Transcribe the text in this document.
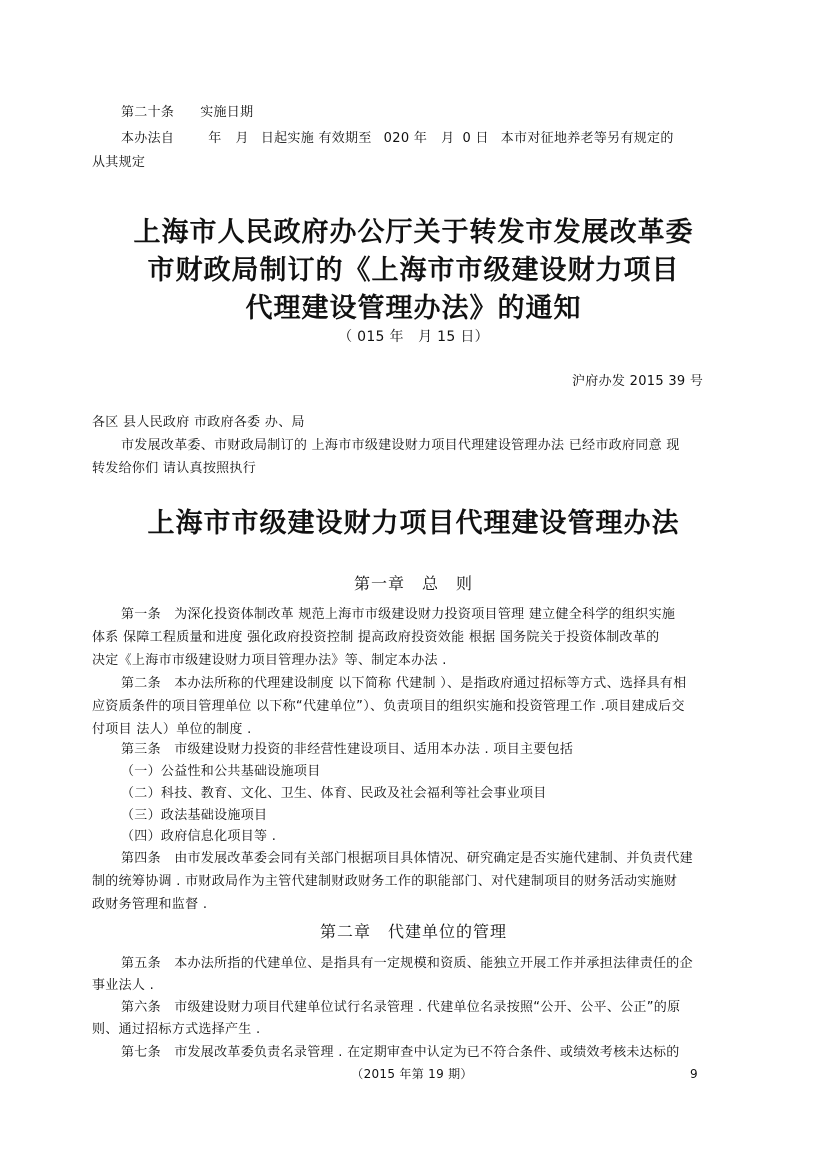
第二十条 实施日期
本办法自	年 月 日起实施 有效期至 020 年 月 0 日 本市对征地养老等另有规定的
从其规定
上海市人民政府办公厅关于转发市发展改革委
市财政局制订的《上海市市级建设财力项目
代理建设管理办法》的通知
（ 015 年　月 15 日）
沪府办发 2015 39 号
各区 县人民政府 市政府各委 办、局
市发展改革委、市财政局制订的 上海市市级建设财力项目代理建设管理办法 已经市政府同意 现
转发给你们 请认真按照执行
上海市市级建设财力项目代理建设管理办法
第一章　总　则
第一条　为深化投资体制改革 规范上海市市级建设财力投资项目管理 建立健全科学的组织实施
体系 保障工程质量和进度 强化政府投资控制 提高政府投资效能 根据 国务院关于投资体制改革的
决定《上海市市级建设财力项目管理办法》等、制定本办法 .
第二条　本办法所称的代理建设制度 以下简称 代建制 ）、是指政府通过招标等方式、选择具有相
应资质条件的项目管理单位 以下称“代建单位”）、负责项目的组织实施和投资管理工作 .项目建成后交
付项目 法人）单位的制度 .
第三条　市级建设财力投资的非经营性建设项目、适用本办法 . 项目主要包括
（一）公益性和公共基础设施项目
（二）科技、教育、文化、卫生、体育、民政及社会福利等社会事业项目
（三）政法基础设施项目
（四）政府信息化项目等 .
第四条　由市发展改革委会同有关部门根据项目具体情况、研究确定是否实施代建制、并负责代建
制的统筹协调 . 市财政局作为主管代建制财政财务工作的职能部门、对代建制项目的财务活动实施财
政财务管理和监督 .
第二章　代建单位的管理
第五条　本办法所指的代建单位、是指具有一定规模和资质、能独立开展工作并承担法律责任的企
事业法人 .
第六条　市级建设财力项目代建单位试行名录管理 . 代建单位名录按照“公开、公平、公正”的原
则、通过招标方式选择产生 .
第七条　市发展改革委负责名录管理 . 在定期审查中认定为已不符合条件、或绩效考核未达标的
（2015 年第 19 期）	9
